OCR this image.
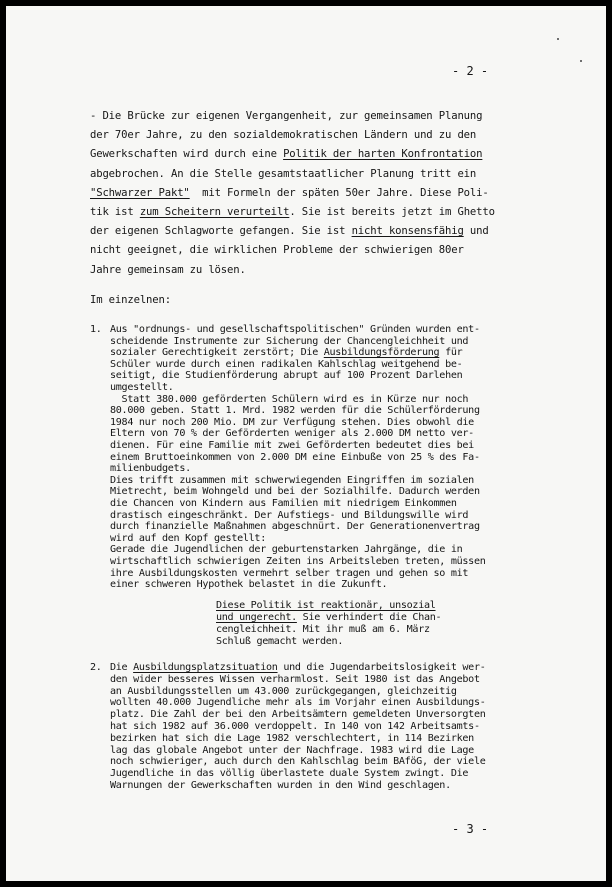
- 2 -
- Die Brücke zur eigenen Vergangenheit, zur gemeinsamen Planung
der 70er Jahre, zu den sozialdemokratischen Ländern und zu den
Gewerkschaften wird durch eine Politik der harten Konfrontation
abgebrochen. An die Stelle gesamtstaatlicher Planung tritt ein
"Schwarzer Pakt"  mit Formeln der späten 50er Jahre. Diese Poli-
tik ist zum Scheitern verurteilt. Sie ist bereits jetzt im Ghetto
der eigenen Schlagworte gefangen. Sie ist nicht konsensfähig und
nicht geeignet, die wirklichen Probleme der schwierigen 80er
Jahre gemeinsam zu lösen.
Im einzelnen:
1. Aus "ordnungs- und gesellschaftspolitischen" Gründen wurden ent-
scheidende Instrumente zur Sicherung der Chancengleichheit und
sozialer Gerechtigkeit zerstört; Die Ausbildungsförderung für
Schüler wurde durch einen radikalen Kahlschlag weitgehend be-
seitigt, die Studienförderung abrupt auf 100 Prozent Darlehen
umgestellt.
Statt 380.000 geförderten Schülern wird es in Kürze nur noch
80.000 geben. Statt 1. Mrd. 1982 werden für die Schülerförderung
1984 nur noch 200 Mio. DM zur Verfügung stehen. Dies obwohl die
Eltern von 70 % der Geförderten weniger als 2.000 DM netto ver-
dienen. Für eine Familie mit zwei Geförderten bedeutet dies bei
einem Bruttoeinkommen von 2.000 DM eine Einbuße von 25 % des Fa-
milienbudgets.
Dies trifft zusammen mit schwerwiegenden Eingriffen im sozialen
Mietrecht, beim Wohngeld und bei der Sozialhilfe. Dadurch werden
die Chancen von Kindern aus Familien mit niedrigem Einkommen
drastisch eingeschränkt. Der Aufstiegs- und Bildungswille wird
durch finanzielle Maßnahmen abgeschnürt. Der Generationenvertrag
wird auf den Kopf gestellt:
Gerade die Jugendlichen der geburtenstarken Jahrgänge, die in
wirtschaftlich schwierigen Zeiten ins Arbeitsleben treten, müssen
ihre Ausbildungskosten vermehrt selber tragen und gehen so mit
einer schweren Hypothek belastet in die Zukunft.
Diese Politik ist reaktionär, unsozial
und ungerecht. Sie verhindert die Chan-
cengleichheit. Mit ihr muß am 6. März
Schluß gemacht werden.
2. Die Ausbildungsplatzsituation und die Jugendarbeitslosigkeit wer-
den wider besseres Wissen verharmlost. Seit 1980 ist das Angebot
an Ausbildungsstellen um 43.000 zurückgegangen, gleichzeitig
wollten 40.000 Jugendliche mehr als im Vorjahr einen Ausbildungs-
platz. Die Zahl der bei den Arbeitsämtern gemeldeten Unversorgten
hat sich 1982 auf 36.000 verdoppelt. In 140 von 142 Arbeitsamts-
bezirken hat sich die Lage 1982 verschlechtert, in 114 Bezirken
lag das globale Angebot unter der Nachfrage. 1983 wird die Lage
noch schwieriger, auch durch den Kahlschlag beim BAföG, der viele
Jugendliche in das völlig überlastete duale System zwingt. Die
Warnungen der Gewerkschaften wurden in den Wind geschlagen.
- 3 -
